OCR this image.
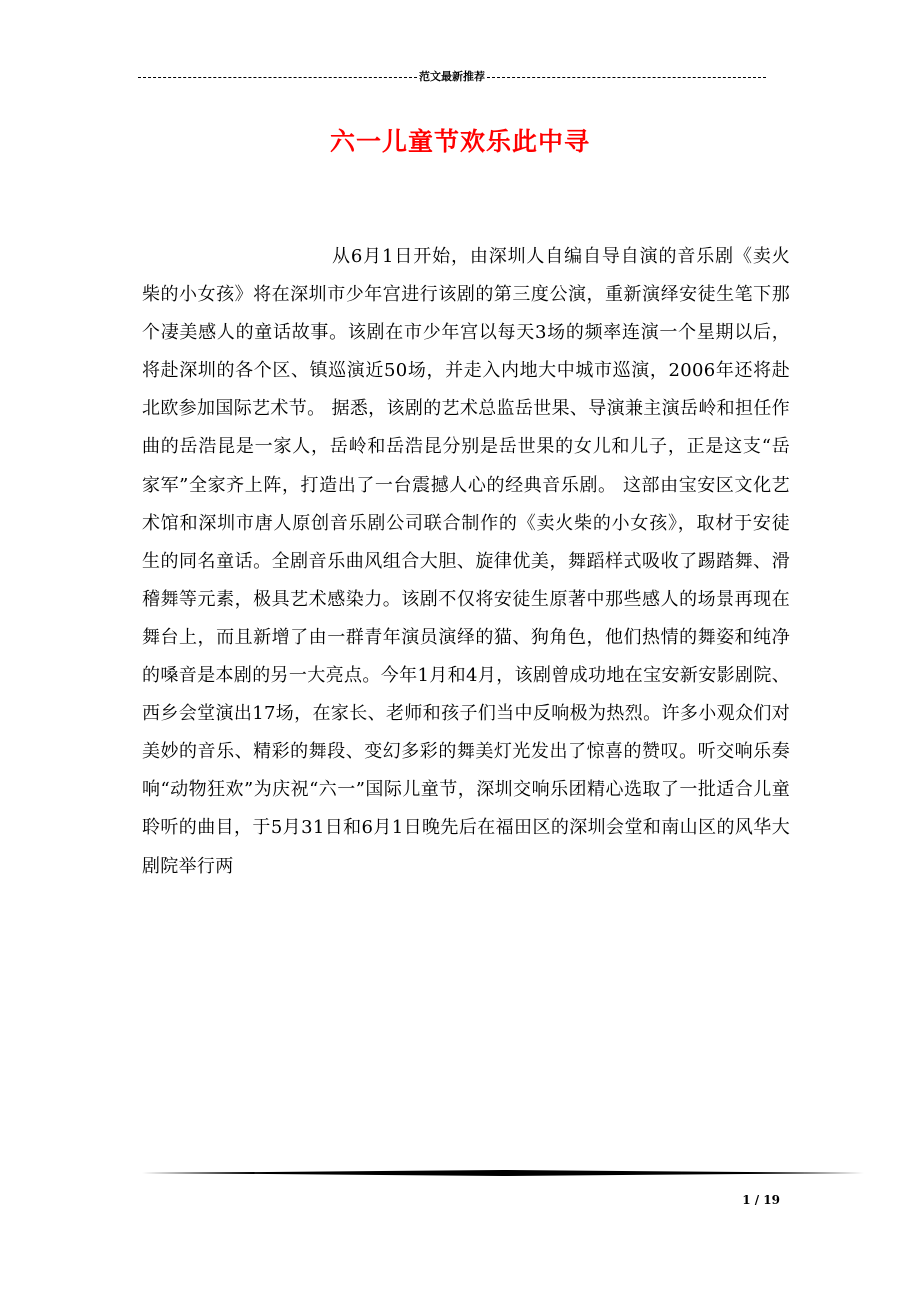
范文最新推荐
六一儿童节欢乐此中寻
从6月1日开始，由深圳人自编自导自演的音乐剧《卖火柴的小女孩》将在深圳市少年宫进行该剧的第三度公演，重新演绎安徒生笔下那个凄美感人的童话故事。该剧在市少年宫以每天3场的频率连演一个星期以后，将赴深圳的各个区、镇巡演近50场，并走入内地大中城市巡演，2006年还将赴北欧参加国际艺术节。 据悉，该剧的艺术总监岳世果、导演兼主演岳岭和担任作曲的岳浩昆是一家人，岳岭和岳浩昆分别是岳世果的女儿和儿子，正是这支“岳家军”全家齐上阵，打造出了一台震撼人心的经典音乐剧。 这部由宝安区文化艺术馆和深圳市唐人原创音乐剧公司联合制作的《卖火柴的小女孩》，取材于安徒生的同名童话。全剧音乐曲风组合大胆、旋律优美，舞蹈样式吸收了踢踏舞、滑稽舞等元素，极具艺术感染力。该剧不仅将安徒生原著中那些感人的场景再现在舞台上，而且新增了由一群青年演员演绎的猫、狗角色，他们热情的舞姿和纯净的嗓音是本剧的另一大亮点。今年1月和4月，该剧曾成功地在宝安新安影剧院、西乡会堂演出17场，在家长、老师和孩子们当中反响极为热烈。许多小观众们对美妙的音乐、精彩的舞段、变幻多彩的舞美灯光发出了惊喜的赞叹。听交响乐奏响“动物狂欢”为庆祝“六一”国际儿童节，深圳交响乐团精心选取了一批适合儿童聆听的曲目，于5月31日和6月1日晚先后在福田区的深圳会堂和南山区的风华大剧院举行两
1 / 19
